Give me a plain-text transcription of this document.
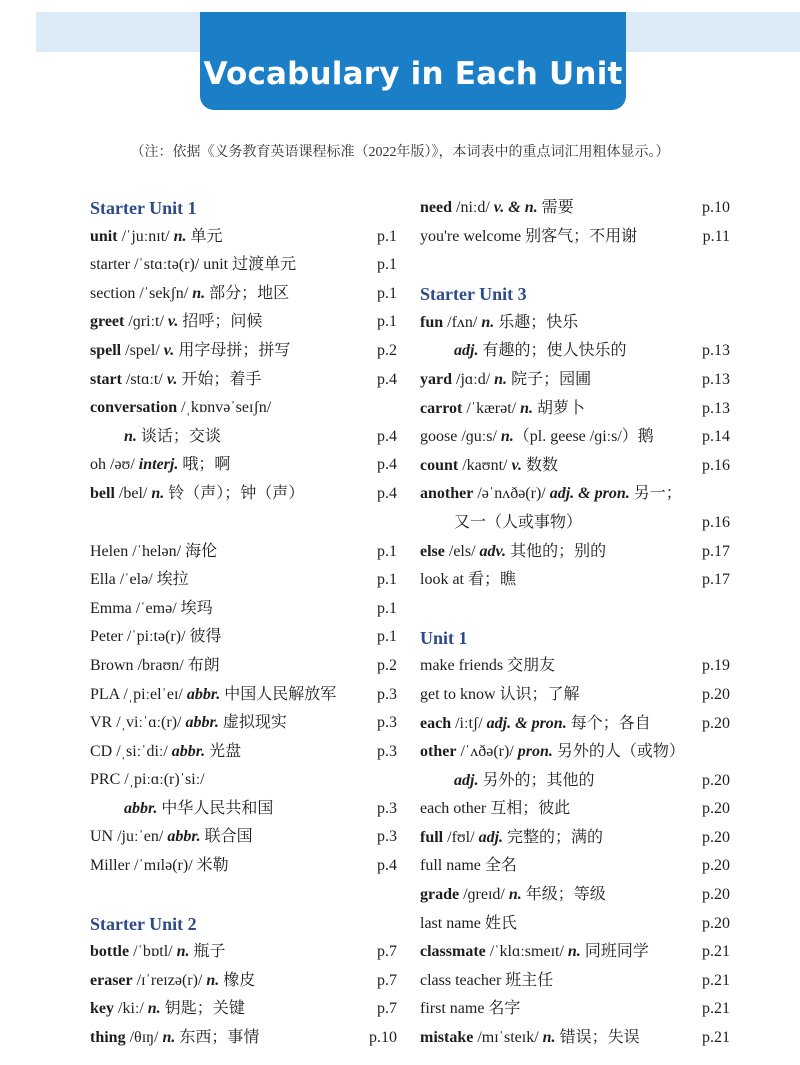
Vocabulary in Each Unit
（注：依据《义务教育英语课程标准（2022年版）》，本词表中的重点词汇用粗体显示。）
Starter Unit 1
unit /ˈjuːnɪt/ n. 单元	p.1
starter /ˈstɑːtə(r)/ unit 过渡单元	p.1
section /ˈsekʃn/ n. 部分；地区	p.1
greet /ɡriːt/ v. 招呼；问候	p.1
spell /spel/ v. 用字母拼；拼写	p.2
start /stɑːt/ v. 开始；着手	p.4
conversation /ˌkɒnvəˈseɪʃn/
n. 谈话；交谈	p.4
oh /əʊ/ interj. 哦；啊	p.4
bell /bel/ n. 铃（声）；钟（声）	p.4
Helen /ˈhelən/ 海伦	p.1
Ella /ˈelə/ 埃拉	p.1
Emma /ˈemə/ 埃玛	p.1
Peter /ˈpiːtə(r)/ 彼得	p.1
Brown /braʊn/ 布朗	p.2
PLA /ˌpiːelˈeɪ/ abbr. 中国人民解放军	p.3
VR /ˌviːˈɑː(r)/ abbr. 虚拟现实	p.3
CD /ˌsiːˈdiː/ abbr. 光盘	p.3
PRC /ˌpiːɑː(r)ˈsiː/
abbr. 中华人民共和国	p.3
UN /juːˈen/ abbr. 联合国	p.3
Miller /ˈmɪlə(r)/ 米勒	p.4
Starter Unit 2
bottle /ˈbɒtl/ n. 瓶子	p.7
eraser /ɪˈreɪzə(r)/ n. 橡皮	p.7
key /kiː/ n. 钥匙；关键	p.7
thing /θɪŋ/ n. 东西；事情	p.10
need /niːd/ v. & n. 需要	p.10
you're welcome 别客气；不用谢	p.11
Starter Unit 3
fun /fʌn/ n. 乐趣；快乐
adj. 有趣的；使人快乐的	p.13
yard /jɑːd/ n. 院子；园圃	p.13
carrot /ˈkærət/ n. 胡萝卜	p.13
goose /ɡuːs/ n.（pl. geese /ɡiːs/）鹅	p.14
count /kaʊnt/ v. 数数	p.16
another /əˈnʌðə(r)/ adj. & pron. 另一；
又一（人或事物）	p.16
else /els/ adv. 其他的；别的	p.17
look at 看；瞧	p.17
Unit 1
make friends 交朋友	p.19
get to know 认识；了解	p.20
each /iːtʃ/ adj. & pron. 每个；各自	p.20
other /ˈʌðə(r)/ pron. 另外的人（或物）
adj. 另外的；其他的	p.20
each other 互相；彼此	p.20
full /fʊl/ adj. 完整的；满的	p.20
full name 全名	p.20
grade /ɡreɪd/ n. 年级；等级	p.20
last name 姓氏	p.20
classmate /ˈklɑːsmeɪt/ n. 同班同学	p.21
class teacher 班主任	p.21
first name 名字	p.21
mistake /mɪˈsteɪk/ n. 错误；失误	p.21
